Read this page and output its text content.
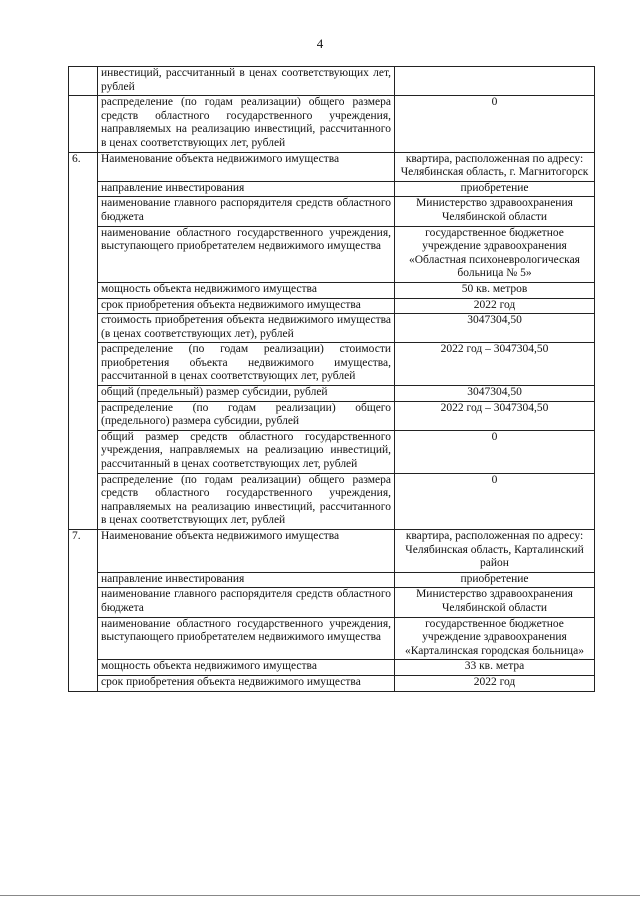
4
	инвестиций, рассчитанный в ценах соответствующих лет, рублей	
	распределение (по годам реализации) общего размера средств областного государственного учреждения, направляемых на реализацию инвестиций, рассчитанного в ценах соответствующих лет, рублей	0
6.	Наименование объекта недвижимого имущества	квартира, расположенная по адресу: Челябинская область, г. Магнитогорск
	направление инвестирования	приобретение
	наименование главного распорядителя средств областного бюджета	Министерство здравоохранения Челябинской области
	наименование областного государственного учреждения, выступающего приобретателем недвижимого имущества	государственное бюджетное учреждение здравоохранения «Областная психоневрологическая больница № 5»
	мощность объекта недвижимого имущества	50 кв. метров
	срок приобретения объекта недвижимого имущества	2022 год
	стоимость приобретения объекта недвижимого имущества (в ценах соответствующих лет), рублей	3047304,50
	распределение (по годам реализации) стоимости приобретения объекта недвижимого имущества, рассчитанной в ценах соответствующих лет, рублей	2022 год – 3047304,50
	общий (предельный) размер субсидии, рублей	3047304,50
	распределение (по годам реализации) общего (предельного) размера субсидии, рублей	2022 год – 3047304,50
	общий размер средств областного государственного учреждения, направляемых на реализацию инвестиций, рассчитанный в ценах соответствующих лет, рублей	0
	распределение (по годам реализации) общего размера средств областного государственного учреждения, направляемых на реализацию инвестиций, рассчитанного в ценах соответствующих лет, рублей	0
7.	Наименование объекта недвижимого имущества	квартира, расположенная по адресу: Челябинская область, Карталинский район
	направление инвестирования	приобретение
	наименование главного распорядителя средств областного бюджета	Министерство здравоохранения Челябинской области
	наименование областного государственного учреждения, выступающего приобретателем недвижимого имущества	государственное бюджетное учреждение здравоохранения «Карталинская городская больница»
	мощность объекта недвижимого имущества	33 кв. метра
	срок приобретения объекта недвижимого имущества	2022 год
